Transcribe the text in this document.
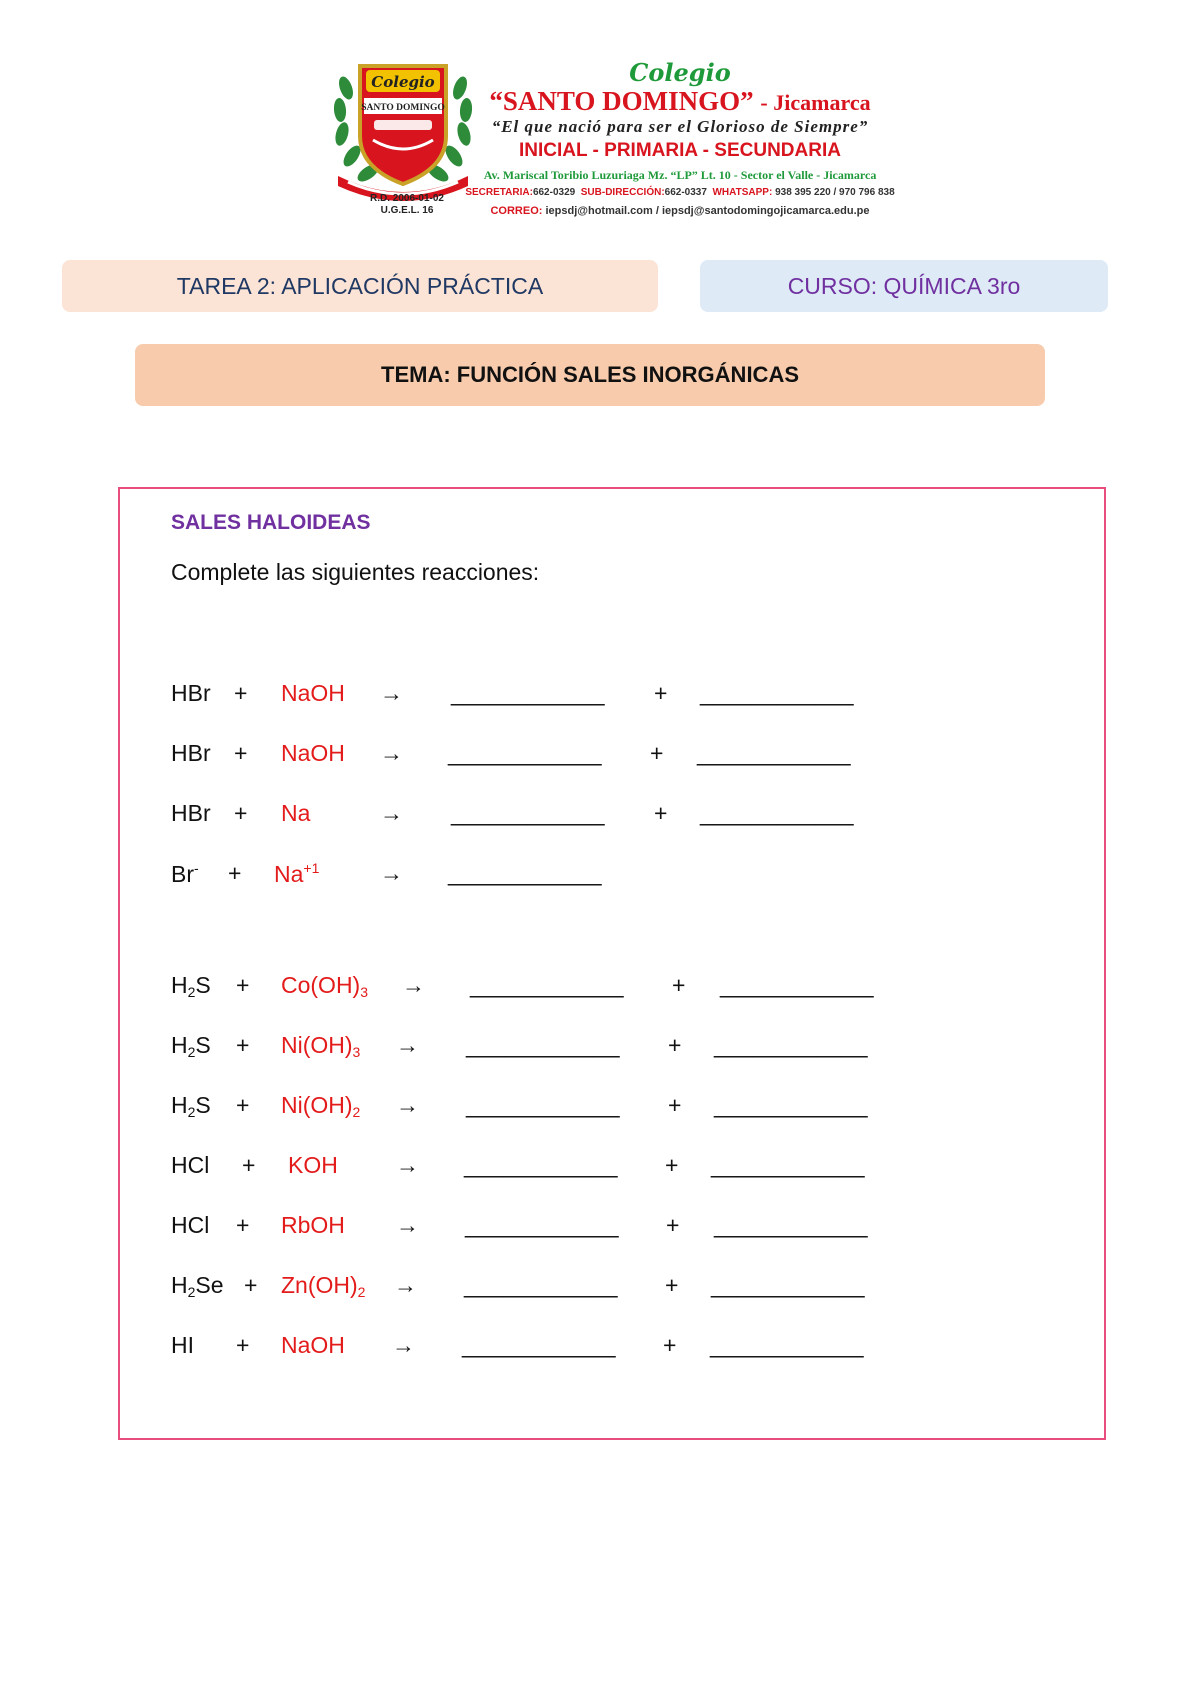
Colegio
SANTO DOMINGO
R.D. 2006-01-02
U.G.E.L. 16
Colegio
“SANTO DOMINGO” - Jicamarca
“El que nació para ser el Glorioso de Siempre”
INICIAL - PRIMARIA - SECUNDARIA
Av. Mariscal Toribio Luzuriaga Mz. “LP” Lt. 10 - Sector el Valle - Jicamarca
SECRETARIA:662-0329 SUB-DIRECCIÓN:662-0337 WHATSAPP: 938 395 220 / 970 796 838
CORREO: iepsdj@hotmail.com / iepsdj@santodomingojicamarca.edu.pe
TAREA 2: APLICACIÓN PRÁCTICA	CURSO: QUÍMICA 3ro
TEMA: FUNCIÓN SALES INORGÁNICAS
SALES HALOIDEAS
Complete las siguientes reacciones:
HBr + NaOH → ____________ + ____________
HBr + NaOH → ____________ + ____________
HBr + Na	→ ____________ + ____________
$Br^- + Na^{+1}$	→ ____________
$H_2S + Co(OH)_3$ → ____________ + ____________
$H_2S + Ni(OH)_3$ → ____________ + ____________
$H_2S + Ni(OH)_2$ → ____________ + ____________
HCl + KOH	→ ____________ + ____________
HCl + RbOH → ____________ + ____________
$H_2Se + Zn(OH)_2$ → ____________ + ____________
HI + NaOH → ____________ + ____________
